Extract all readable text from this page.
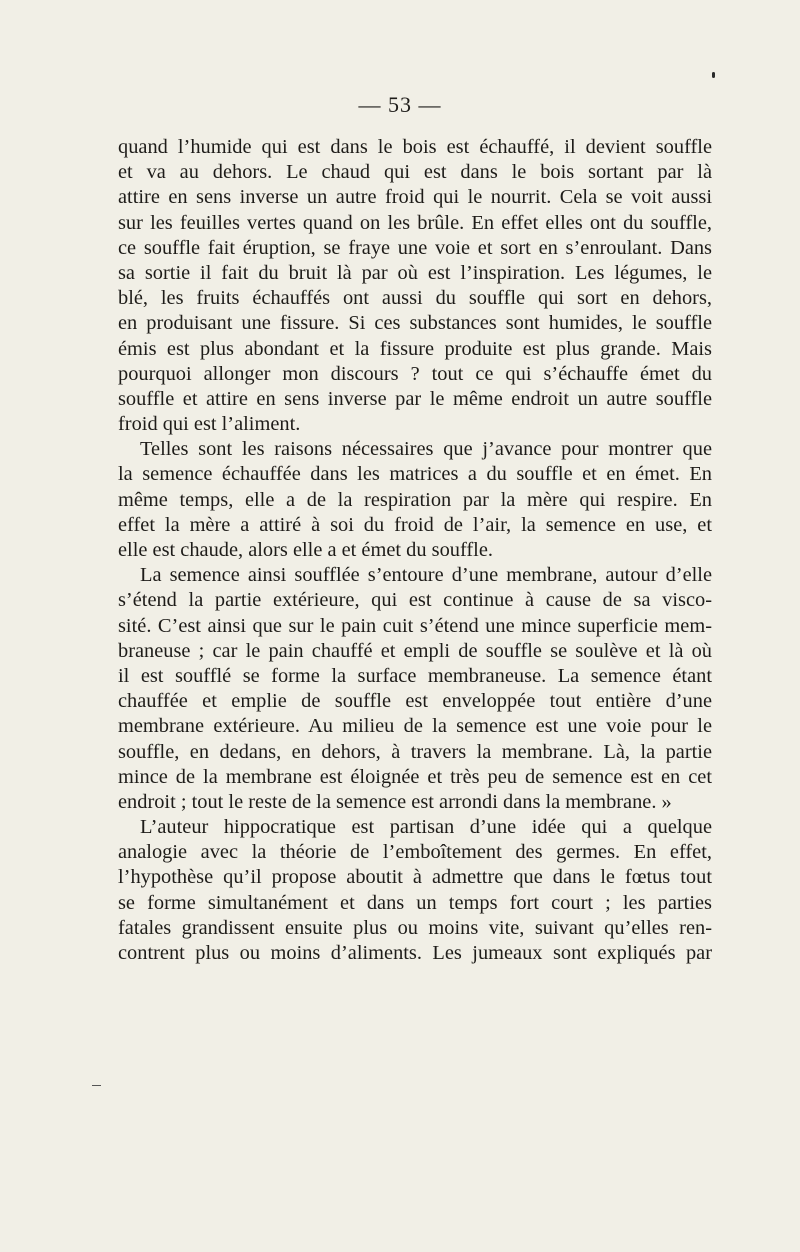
— 53 —
quand l’humide qui est dans le bois est échauffé, il devient souffle
et va au dehors. Le chaud qui est dans le bois sortant par là
attire en sens inverse un autre froid qui le nourrit. Cela se voit aussi
sur les feuilles vertes quand on les brûle. En effet elles ont du souffle,
ce souffle fait éruption, se fraye une voie et sort en s’enroulant. Dans
sa sortie il fait du bruit là par où est l’inspiration. Les légumes, le
blé, les fruits échauffés ont aussi du souffle qui sort en dehors,
en produisant une fissure. Si ces substances sont humides, le souffle
émis est plus abondant et la fissure produite est plus grande. Mais
pourquoi allonger mon discours ? tout ce qui s’échauffe émet du
souffle et attire en sens inverse par le même endroit un autre souffle
froid qui est l’aliment.
Telles sont les raisons nécessaires que j’avance pour montrer que
la semence échauffée dans les matrices a du souffle et en émet. En
même temps, elle a de la respiration par la mère qui respire. En
effet la mère a attiré à soi du froid de l’air, la semence en use, et
elle est chaude, alors elle a et émet du souffle.
La semence ainsi soufflée s’entoure d’une membrane, autour d’elle
s’étend la partie extérieure, qui est continue à cause de sa visco-
sité. C’est ainsi que sur le pain cuit s’étend une mince superficie mem-
braneuse ; car le pain chauffé et empli de souffle se soulève et là où
il est soufflé se forme la surface membraneuse. La semence étant
chauffée et emplie de souffle est enveloppée tout entière d’une
membrane extérieure. Au milieu de la semence est une voie pour le
souffle, en dedans, en dehors, à travers la membrane. Là, la partie
mince de la membrane est éloignée et très peu de semence est en cet
endroit ; tout le reste de la semence est arrondi dans la membrane. »
L’auteur hippocratique est partisan d’une idée qui a quelque
analogie avec la théorie de l’emboîtement des germes. En effet,
l’hypothèse qu’il propose aboutit à admettre que dans le fœtus tout
se forme simultanément et dans un temps fort court ; les parties
fatales grandissent ensuite plus ou moins vite, suivant qu’elles ren-
contrent plus ou moins d’aliments. Les jumeaux sont expliqués par
